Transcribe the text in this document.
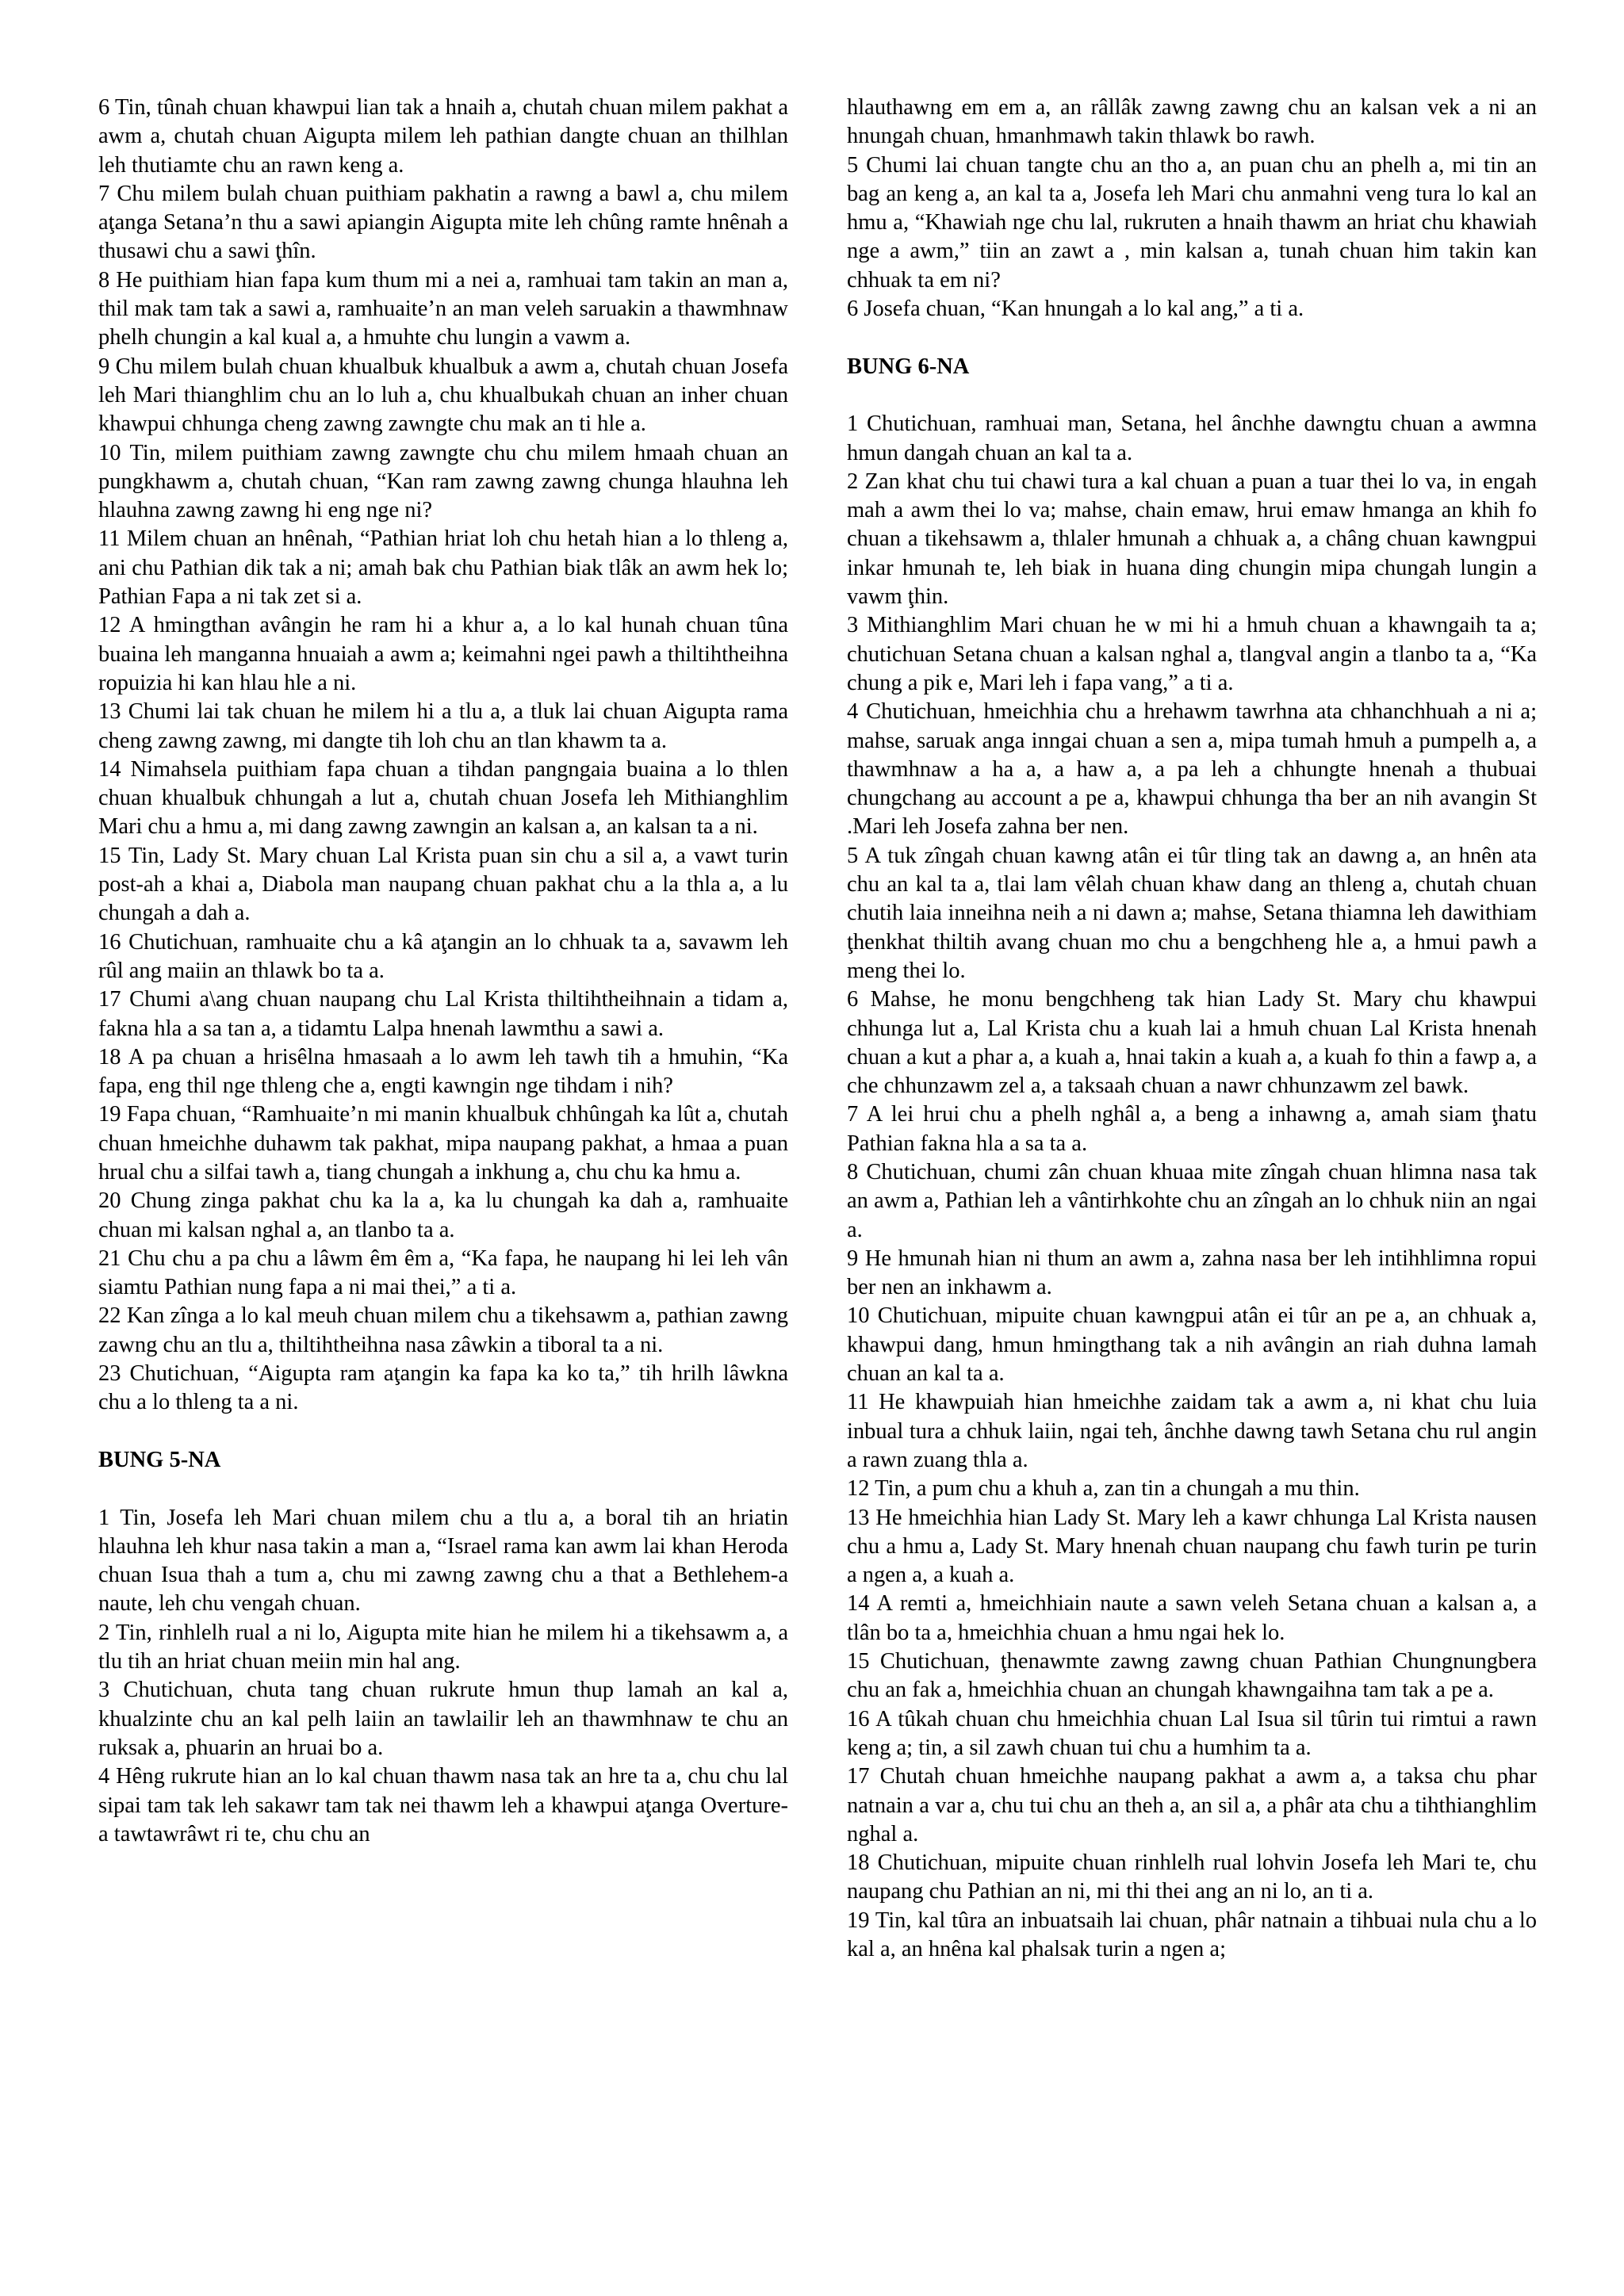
6 Tin, tûnah chuan khawpui lian tak a hnaih a, chutah chuan milem pakhat a awm a, chutah chuan Aigupta milem leh pathian dangte chuan an thilhlan leh thutiamte chu an rawn keng a.

7 Chu milem bulah chuan puithiam pakhatin a rawng a bawl a, chu milem aţanga Setana’n thu a sawi apiangin Aigupta mite leh chûng ramte hnênah a thusawi chu a sawi ţhîn.

8 He puithiam hian fapa kum thum mi a nei a, ramhuai tam takin an man a, thil mak tam tak a sawi a, ramhuaite’n an man veleh saruakin a thawmhnaw phelh chungin a kal kual a, a hmuhte chu lungin a vawm a.

9 Chu milem bulah chuan khualbuk khualbuk a awm a, chutah chuan Josefa leh Mari thianghlim chu an lo luh a, chu khualbukah chuan an inher chuan khawpui chhunga cheng zawng zawngte chu mak an ti hle a.

10 Tin, milem puithiam zawng zawngte chu chu milem hmaah chuan an pungkhawm a, chutah chuan, “Kan ram zawng zawng chunga hlauhna leh hlauhna zawng zawng hi eng nge ni?

11 Milem chuan an hnênah, “Pathian hriat loh chu hetah hian a lo thleng a, ani chu Pathian dik tak a ni; amah bak chu Pathian biak tlâk an awm hek lo; Pathian Fapa a ni tak zet si a.

12 A hmingthan avângin he ram hi a khur a, a lo kal hunah chuan tûna buaina leh manganna hnuaiah a awm a; keimahni ngei pawh a thiltihtheihna ropuizia hi kan hlau hle a ni.

13 Chumi lai tak chuan he milem hi a tlu a, a tluk lai chuan Aigupta rama cheng zawng zawng, mi dangte tih loh chu an tlan khawm ta a.

14 Nimahsela puithiam fapa chuan a tihdan pangngaia buaina a lo thlen chuan khualbuk chhungah a lut a, chutah chuan Josefa leh Mithianghlim Mari chu a hmu a, mi dang zawng zawngin an kalsan a, an kalsan ta a ni.

15 Tin, Lady St. Mary chuan Lal Krista puan sin chu a sil a, a vawt turin post-ah a khai a, Diabola man naupang chuan pakhat chu a la thla a, a lu chungah a dah a.

16 Chutichuan, ramhuaite chu a kâ aţangin an lo chhuak ta a, savawm leh rûl ang maiin an thlawk bo ta a.

17 Chumi a\ang chuan naupang chu Lal Krista thiltihtheihnain a tidam a, fakna hla a sa tan a, a tidamtu Lalpa hnenah lawmthu a sawi a.

18 A pa chuan a hrisêlna hmasaah a lo awm leh tawh tih a hmuhin, “Ka fapa, eng thil nge thleng che a, engti kawngin nge tihdam i nih?

19 Fapa chuan, “Ramhuaite’n mi manin khualbuk chhûngah ka lût a, chutah chuan hmeichhe duhawm tak pakhat, mipa naupang pakhat, a hmaa a puan hrual chu a silfai tawh a, tiang chungah a inkhung a, chu chu ka hmu a.

20 Chung zinga pakhat chu ka la a, ka lu chungah ka dah a, ramhuaite chuan mi kalsan nghal a, an tlanbo ta a.

21 Chu chu a pa chu a lâwm êm êm a, “Ka fapa, he naupang hi lei leh vân siamtu Pathian nung fapa a ni mai thei,” a ti a.

22 Kan zînga a lo kal meuh chuan milem chu a tikehsawm a, pathian zawng zawng chu an tlu a, thiltihtheihna nasa zâwkin a tiboral ta a ni.

23 Chutichuan, “Aigupta ram aţangin ka fapa ka ko ta,” tih hrilh lâwkna chu a lo thleng ta a ni.

BUNG 5-NA

1 Tin, Josefa leh Mari chuan milem chu a tlu a, a boral tih an hriatin hlauhna leh khur nasa takin a man a, “Israel rama kan awm lai khan Heroda chuan Isua thah a tum a, chu mi zawng zawng chu a that a Bethlehem-a naute, leh chu vengah chuan.

2 Tin, rinhlelh rual a ni lo, Aigupta mite hian he milem hi a tikehsawm a, a tlu tih an hriat chuan meiin min hal ang.

3 Chutichuan, chuta tang chuan rukrute hmun thup lamah an kal a, khualzinte chu an kal pelh laiin an tawlailir leh an thawmhnaw te chu an ruksak a, phuarin an hruai bo a.

4 Hêng rukrute hian an lo kal chuan thawm nasa tak an hre ta a, chu chu lal sipai tam tak leh sakawr tam tak nei thawm leh a khawpui aţanga Overture-a tawtawrâwt ri te, chu chu an

hlauthawng em em a, an râllâk zawng zawng chu an kalsan vek a ni an hnungah chuan, hmanhmawh takin thlawk bo rawh.

5 Chumi lai chuan tangte chu an tho a, an puan chu an phelh a, mi tin an bag an keng a, an kal ta a, Josefa leh Mari chu anmahni veng tura lo kal an hmu a, “Khawiah nge chu lal, rukruten a hnaih thawm an hriat chu khawiah nge a awm,” tiin an zawt a , min kalsan a, tunah chuan him takin kan chhuak ta em ni?

6 Josefa chuan, “Kan hnungah a lo kal ang,” a ti a.

BUNG 6-NA

1 Chutichuan, ramhuai man, Setana, hel ânchhe dawngtu chuan a awmna hmun dangah chuan an kal ta a.

2 Zan khat chu tui chawi tura a kal chuan a puan a tuar thei lo va, in engah mah a awm thei lo va; mahse, chain emaw, hrui emaw hmanga an khih fo chuan a tikehsawm a, thlaler hmunah a chhuak a, a châng chuan kawngpui inkar hmunah te, leh biak in huana ding chungin mipa chungah lungin a vawm ţhin.

3 Mithianghlim Mari chuan he w mi hi a hmuh chuan a khawngaih ta a; chutichuan Setana chuan a kalsan nghal a, tlangval angin a tlanbo ta a, “Ka chung a pik e, Mari leh i fapa vang,” a ti a.

4 Chutichuan, hmeichhia chu a hrehawm tawrhna ata chhanchhuah a ni a; mahse, saruak anga inngai chuan a sen a, mipa tumah hmuh a pumpelh a, a thawmhnaw a ha a, a haw a, a pa leh a chhungte hnenah a thubuai chungchang au account a pe a, khawpui chhunga tha ber an nih avangin St .Mari leh Josefa zahna ber nen.

5 A tuk zîngah chuan kawng atân ei tûr tling tak an dawng a, an hnên ata chu an kal ta a, tlai lam vêlah chuan khaw dang an thleng a, chutah chuan chutih laia inneihna neih a ni dawn a; mahse, Setana thiamna leh dawithiam ţhenkhat thiltih avang chuan mo chu a bengchheng hle a, a hmui pawh a meng thei lo.

6 Mahse, he monu bengchheng tak hian Lady St. Mary chu khawpui chhunga lut a, Lal Krista chu a kuah lai a hmuh chuan Lal Krista hnenah chuan a kut a phar a, a kuah a, hnai takin a kuah a, a kuah fo thin a fawp a, a che chhunzawm zel a, a taksaah chuan a nawr chhunzawm zel bawk.

7 A lei hrui chu a phelh nghâl a, a beng a inhawng a, amah siam ţhatu Pathian fakna hla a sa ta a.

8 Chutichuan, chumi zân chuan khuaa mite zîngah chuan hlimna nasa tak an awm a, Pathian leh a vântirhkohte chu an zîngah an lo chhuk niin an ngai a.

9 He hmunah hian ni thum an awm a, zahna nasa ber leh intihhlimna ropui ber nen an inkhawm a.

10 Chutichuan, mipuite chuan kawngpui atân ei tûr an pe a, an chhuak a, khawpui dang, hmun hmingthang tak a nih avângin an riah duhna lamah chuan an kal ta a.

11 He khawpuiah hian hmeichhe zaidam tak a awm a, ni khat chu luia inbual tura a chhuk laiin, ngai teh, ânchhe dawng tawh Setana chu rul angin a rawn zuang thla a.

12 Tin, a pum chu a khuh a, zan tin a chungah a mu thin.

13 He hmeichhia hian Lady St. Mary leh a kawr chhunga Lal Krista nausen chu a hmu a, Lady St. Mary hnenah chuan naupang chu fawh turin pe turin a ngen a, a kuah a.

14 A remti a, hmeichhiain naute a sawn veleh Setana chuan a kalsan a, a tlân bo ta a, hmeichhia chuan a hmu ngai hek lo.

15 Chutichuan, ţhenawmte zawng zawng chuan Pathian Chungnungbera chu an fak a, hmeichhia chuan an chungah khawngaihna tam tak a pe a.

16 A tûkah chuan chu hmeichhia chuan Lal Isua sil tûrin tui rimtui a rawn keng a; tin, a sil zawh chuan tui chu a humhim ta a.

17 Chutah chuan hmeichhe naupang pakhat a awm a, a taksa chu phar natnain a var a, chu tui chu an theh a, an sil a, a phâr ata chu a tihthianghlim nghal a.

18 Chutichuan, mipuite chuan rinhlelh rual lohvin Josefa leh Mari te, chu naupang chu Pathian an ni, mi thi thei ang an ni lo, an ti a.

19 Tin, kal tûra an inbuatsaih lai chuan, phâr natnain a tihbuai nula chu a lo kal a, an hnêna kal phalsak turin a ngen a;
